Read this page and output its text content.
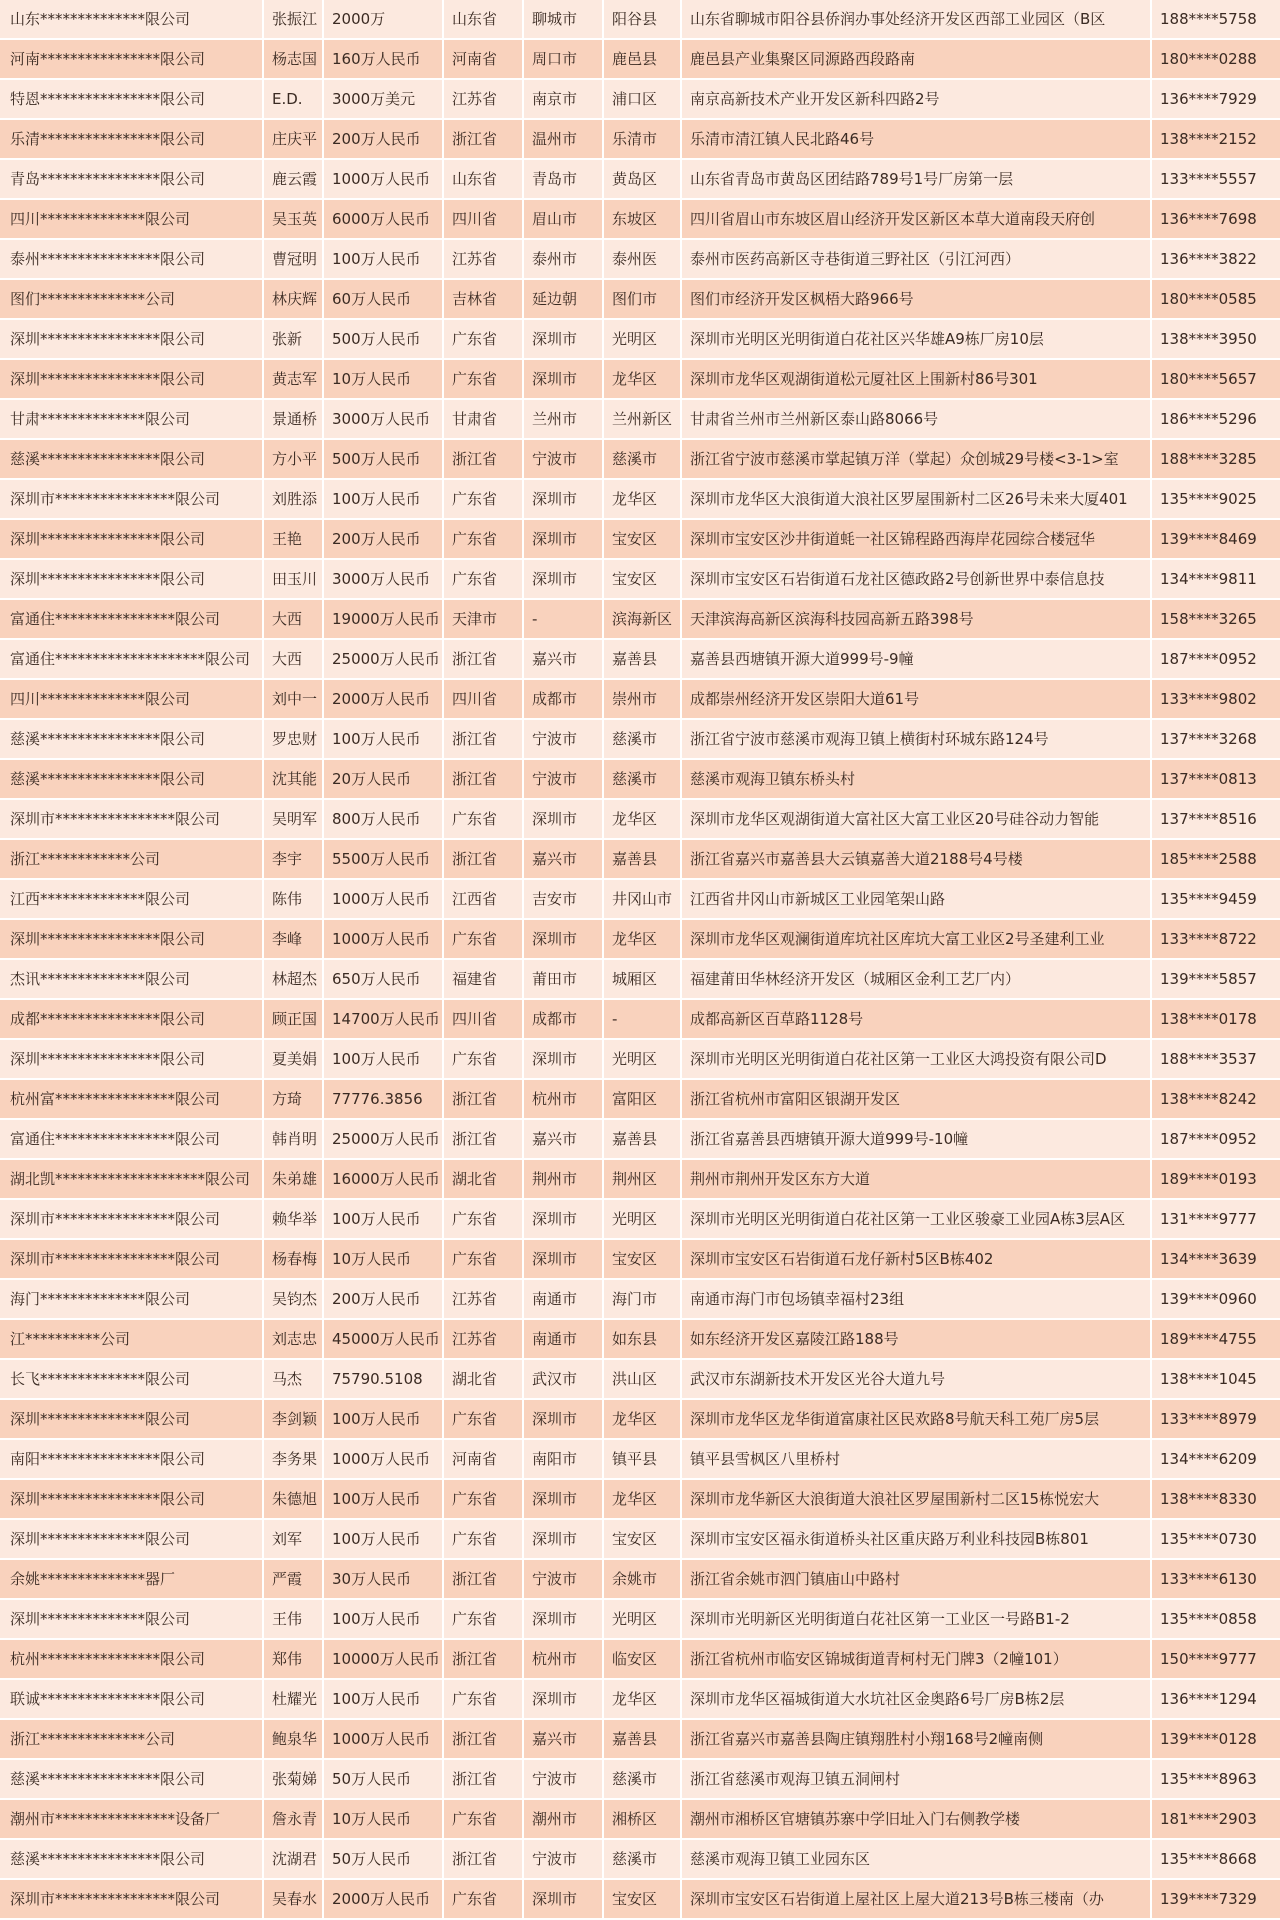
山东**************限公司	张振江	2000万	山东省	聊城市	阳谷县	山东省聊城市阳谷县侨润办事处经济开发区西部工业园区（B区	188****5758
河南****************限公司	杨志国	160万人民币	河南省	周口市	鹿邑县	鹿邑县产业集聚区同源路西段路南	180****0288
特恩****************限公司	E.D.	3000万美元	江苏省	南京市	浦口区	南京高新技术产业开发区新科四路2号	136****7929
乐清****************限公司	庄庆平	200万人民币	浙江省	温州市	乐清市	乐清市清江镇人民北路46号	138****2152
青岛****************限公司	鹿云霞	1000万人民币	山东省	青岛市	黄岛区	山东省青岛市黄岛区团结路789号1号厂房第一层	133****5557
四川**************限公司	吴玉英	6000万人民币	四川省	眉山市	东坡区	四川省眉山市东坡区眉山经济开发区新区本草大道南段天府创	136****7698
泰州****************限公司	曹冠明	100万人民币	江苏省	泰州市	泰州医	泰州市医药高新区寺巷街道三野社区（引江河西）	136****3822
图们**************公司	林庆辉	60万人民币	吉林省	延边朝	图们市	图们市经济开发区枫梧大路966号	180****0585
深圳****************限公司	张新	500万人民币	广东省	深圳市	光明区	深圳市光明区光明街道白花社区兴华雄A9栋厂房10层	138****3950
深圳****************限公司	黄志军	10万人民币	广东省	深圳市	龙华区	深圳市龙华区观湖街道松元厦社区上围新村86号301	180****5657
甘肃**************限公司	景通桥	3000万人民币	甘肃省	兰州市	兰州新区	甘肃省兰州市兰州新区泰山路8066号	186****5296
慈溪****************限公司	方小平	500万人民币	浙江省	宁波市	慈溪市	浙江省宁波市慈溪市掌起镇万洋（掌起）众创城29号楼<3-1>室	188****3285
深圳市****************限公司	刘胜添	100万人民币	广东省	深圳市	龙华区	深圳市龙华区大浪街道大浪社区罗屋围新村二区26号未来大厦401	135****9025
深圳****************限公司	王艳	200万人民币	广东省	深圳市	宝安区	深圳市宝安区沙井街道蚝一社区锦程路西海岸花园综合楼冠华	139****8469
深圳****************限公司	田玉川	3000万人民币	广东省	深圳市	宝安区	深圳市宝安区石岩街道石龙社区德政路2号创新世界中泰信息技	134****9811
富通住****************限公司	大西	19000万人民币	天津市	-	滨海新区	天津滨海高新区滨海科技园高新五路398号	158****3265
富通住********************限公司	大西	25000万人民币	浙江省	嘉兴市	嘉善县	嘉善县西塘镇开源大道999号-9幢	187****0952
四川**************限公司	刘中一	2000万人民币	四川省	成都市	崇州市	成都崇州经济开发区崇阳大道61号	133****9802
慈溪****************限公司	罗忠财	100万人民币	浙江省	宁波市	慈溪市	浙江省宁波市慈溪市观海卫镇上横街村环城东路124号	137****3268
慈溪****************限公司	沈其能	20万人民币	浙江省	宁波市	慈溪市	慈溪市观海卫镇东桥头村	137****0813
深圳市****************限公司	吴明军	800万人民币	广东省	深圳市	龙华区	深圳市龙华区观湖街道大富社区大富工业区20号硅谷动力智能	137****8516
浙江************公司	李宇	5500万人民币	浙江省	嘉兴市	嘉善县	浙江省嘉兴市嘉善县大云镇嘉善大道2188号4号楼	185****2588
江西**************限公司	陈伟	1000万人民币	江西省	吉安市	井冈山市	江西省井冈山市新城区工业园笔架山路	135****9459
深圳****************限公司	李峰	1000万人民币	广东省	深圳市	龙华区	深圳市龙华区观澜街道库坑社区库坑大富工业区2号圣建利工业	133****8722
杰讯**************限公司	林超杰	650万人民币	福建省	莆田市	城厢区	福建莆田华林经济开发区（城厢区金利工艺厂内）	139****5857
成都****************限公司	顾正国	14700万人民币	四川省	成都市	-	成都高新区百草路1128号	138****0178
深圳****************限公司	夏美娟	100万人民币	广东省	深圳市	光明区	深圳市光明区光明街道白花社区第一工业区大鸿投资有限公司D	188****3537
杭州富****************限公司	方琦	77776.3856	浙江省	杭州市	富阳区	浙江省杭州市富阳区银湖开发区	138****8242
富通住****************限公司	韩肖明	25000万人民币	浙江省	嘉兴市	嘉善县	浙江省嘉善县西塘镇开源大道999号-10幢	187****0952
湖北凯********************限公司	朱弟雄	16000万人民币	湖北省	荆州市	荆州区	荆州市荆州开发区东方大道	189****0193
深圳市****************限公司	赖华举	100万人民币	广东省	深圳市	光明区	深圳市光明区光明街道白花社区第一工业区骏豪工业园A栋3层A区	131****9777
深圳市****************限公司	杨春梅	10万人民币	广东省	深圳市	宝安区	深圳市宝安区石岩街道石龙仔新村5区B栋402	134****3639
海门**************限公司	吴钧杰	200万人民币	江苏省	南通市	海门市	南通市海门市包场镇幸福村23组	139****0960
江**********公司	刘志忠	45000万人民币	江苏省	南通市	如东县	如东经济开发区嘉陵江路188号	189****4755
长飞**************限公司	马杰	75790.5108	湖北省	武汉市	洪山区	武汉市东湖新技术开发区光谷大道九号	138****1045
深圳**************限公司	李剑颖	100万人民币	广东省	深圳市	龙华区	深圳市龙华区龙华街道富康社区民欢路8号航天科工苑厂房5层	133****8979
南阳****************限公司	李务果	1000万人民币	河南省	南阳市	镇平县	镇平县雪枫区八里桥村	134****6209
深圳****************限公司	朱德旭	100万人民币	广东省	深圳市	龙华区	深圳市龙华新区大浪街道大浪社区罗屋围新村二区15栋悦宏大	138****8330
深圳**************限公司	刘军	100万人民币	广东省	深圳市	宝安区	深圳市宝安区福永街道桥头社区重庆路万利业科技园B栋801	135****0730
余姚**************器厂	严霞	30万人民币	浙江省	宁波市	余姚市	浙江省余姚市泗门镇庙山中路村	133****6130
深圳**************限公司	王伟	100万人民币	广东省	深圳市	光明区	深圳市光明新区光明街道白花社区第一工业区一号路B1-2	135****0858
杭州****************限公司	郑伟	10000万人民币	浙江省	杭州市	临安区	浙江省杭州市临安区锦城街道青柯村无门牌3（2幢101）	150****9777
联诚****************限公司	杜耀光	100万人民币	广东省	深圳市	龙华区	深圳市龙华区福城街道大水坑社区金奥路6号厂房B栋2层	136****1294
浙江**************公司	鲍泉华	1000万人民币	浙江省	嘉兴市	嘉善县	浙江省嘉兴市嘉善县陶庄镇翔胜村小翔168号2幢南侧	139****0128
慈溪****************限公司	张菊娣	50万人民币	浙江省	宁波市	慈溪市	浙江省慈溪市观海卫镇五洞闸村	135****8963
潮州市****************设备厂	詹永青	10万人民币	广东省	潮州市	湘桥区	潮州市湘桥区官塘镇苏寨中学旧址入门右侧教学楼	181****2903
慈溪****************限公司	沈湖君	50万人民币	浙江省	宁波市	慈溪市	慈溪市观海卫镇工业园东区	135****8668
深圳市****************限公司	吴春水	2000万人民币	广东省	深圳市	宝安区	深圳市宝安区石岩街道上屋社区上屋大道213号B栋三楼南（办	139****7329
